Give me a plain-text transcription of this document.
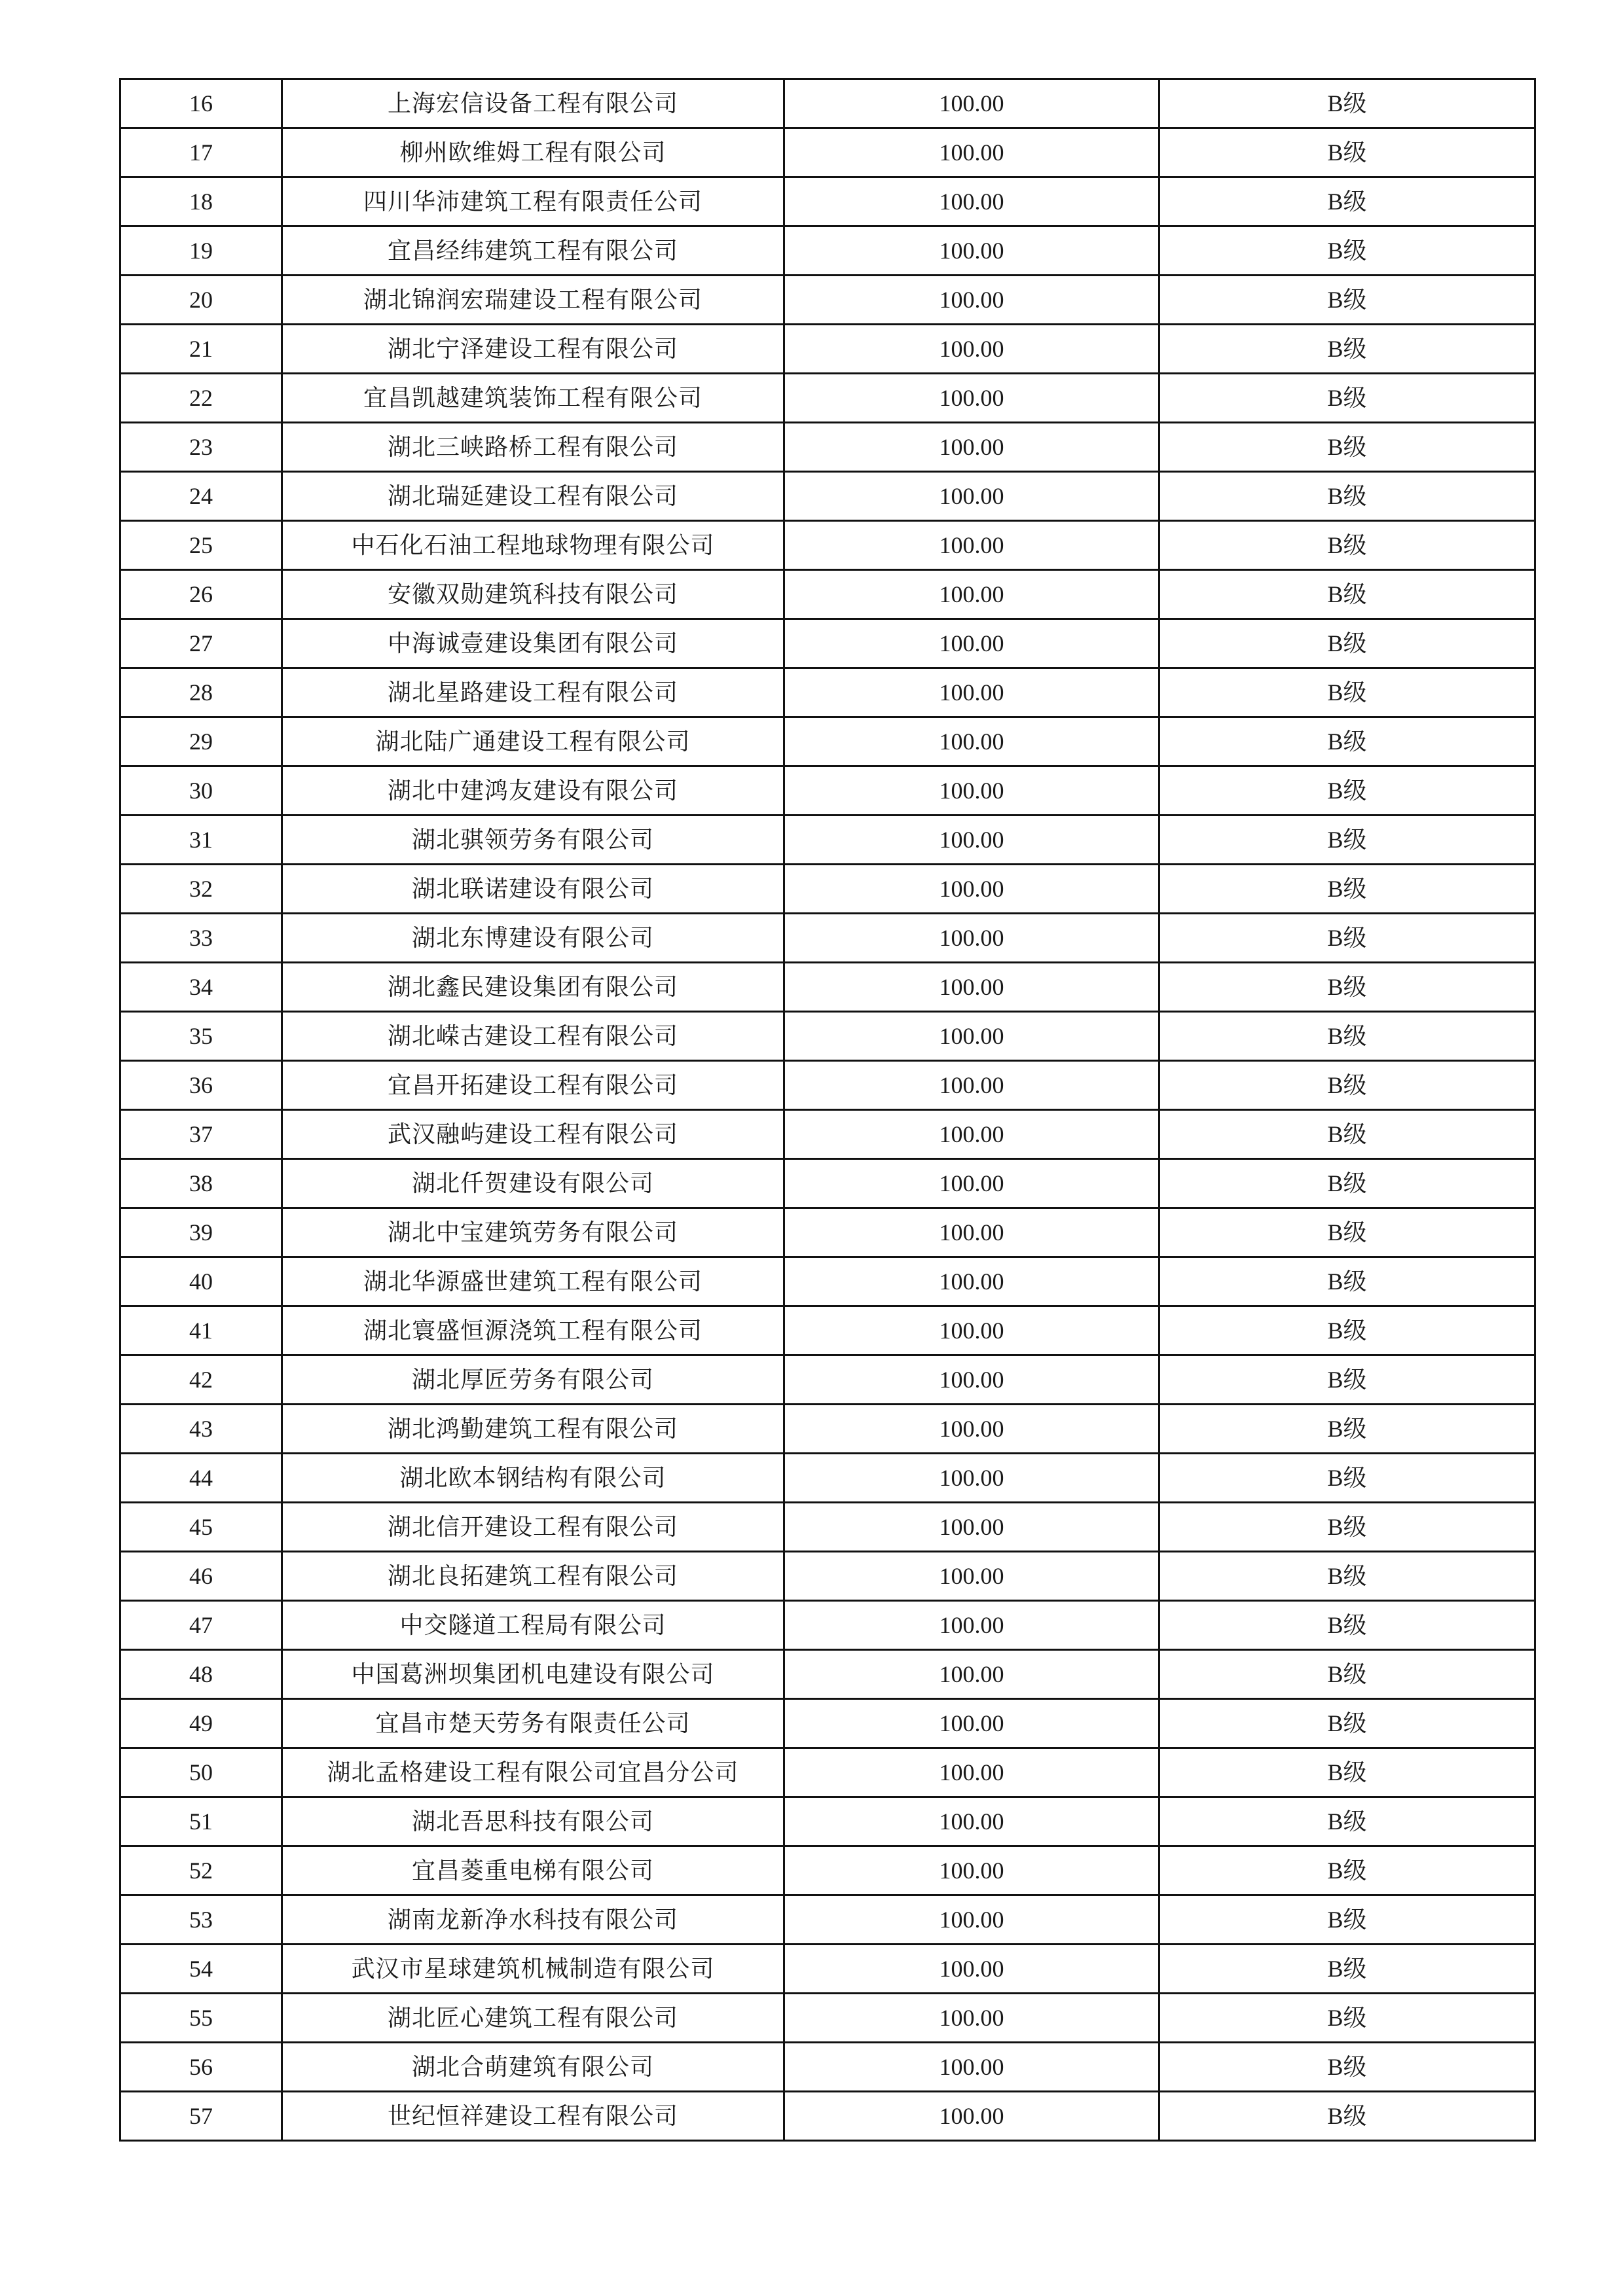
16	上海宏信设备工程有限公司	100.00	B级
17	柳州欧维姆工程有限公司	100.00	B级
18	四川华沛建筑工程有限责任公司	100.00	B级
19	宜昌经纬建筑工程有限公司	100.00	B级
20	湖北锦润宏瑞建设工程有限公司	100.00	B级
21	湖北宁泽建设工程有限公司	100.00	B级
22	宜昌凯越建筑装饰工程有限公司	100.00	B级
23	湖北三峡路桥工程有限公司	100.00	B级
24	湖北瑞延建设工程有限公司	100.00	B级
25	中石化石油工程地球物理有限公司	100.00	B级
26	安徽双勋建筑科技有限公司	100.00	B级
27	中海诚壹建设集团有限公司	100.00	B级
28	湖北星路建设工程有限公司	100.00	B级
29	湖北陆广通建设工程有限公司	100.00	B级
30	湖北中建鸿友建设有限公司	100.00	B级
31	湖北骐领劳务有限公司	100.00	B级
32	湖北联诺建设有限公司	100.00	B级
33	湖北东博建设有限公司	100.00	B级
34	湖北鑫民建设集团有限公司	100.00	B级
35	湖北嵘古建设工程有限公司	100.00	B级
36	宜昌开拓建设工程有限公司	100.00	B级
37	武汉融屿建设工程有限公司	100.00	B级
38	湖北仟贺建设有限公司	100.00	B级
39	湖北中宝建筑劳务有限公司	100.00	B级
40	湖北华源盛世建筑工程有限公司	100.00	B级
41	湖北寰盛恒源浇筑工程有限公司	100.00	B级
42	湖北厚匠劳务有限公司	100.00	B级
43	湖北鸿勤建筑工程有限公司	100.00	B级
44	湖北欧本钢结构有限公司	100.00	B级
45	湖北信开建设工程有限公司	100.00	B级
46	湖北良拓建筑工程有限公司	100.00	B级
47	中交隧道工程局有限公司	100.00	B级
48	中国葛洲坝集团机电建设有限公司	100.00	B级
49	宜昌市楚天劳务有限责任公司	100.00	B级
50	湖北孟格建设工程有限公司宜昌分公司	100.00	B级
51	湖北吾思科技有限公司	100.00	B级
52	宜昌菱重电梯有限公司	100.00	B级
53	湖南龙新净水科技有限公司	100.00	B级
54	武汉市星球建筑机械制造有限公司	100.00	B级
55	湖北匠心建筑工程有限公司	100.00	B级
56	湖北合萌建筑有限公司	100.00	B级
57	世纪恒祥建设工程有限公司	100.00	B级
